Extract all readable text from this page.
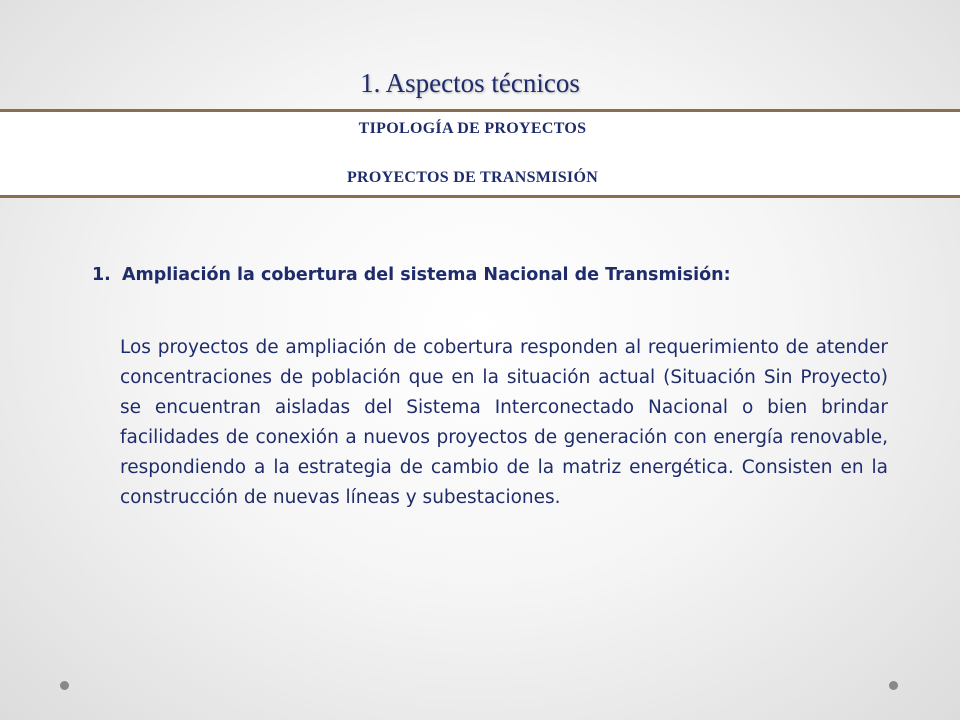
1. Aspectos técnicos
TIPOLOGÍA DE PROYECTOS
PROYECTOS DE TRANSMISIÓN
1. Ampliación la cobertura del sistema Nacional de Transmisión:
Los proyectos de ampliación de cobertura responden al requerimiento de atender concentraciones de población que en la situación actual (Situación Sin Proyecto) se encuentran aisladas del Sistema Interconectado Nacional o bien brindar facilidades de conexión a nuevos proyectos de generación con energía renovable, respondiendo a la estrategia de cambio de la matriz energética. Consisten en la construcción de nuevas líneas y subestaciones.
